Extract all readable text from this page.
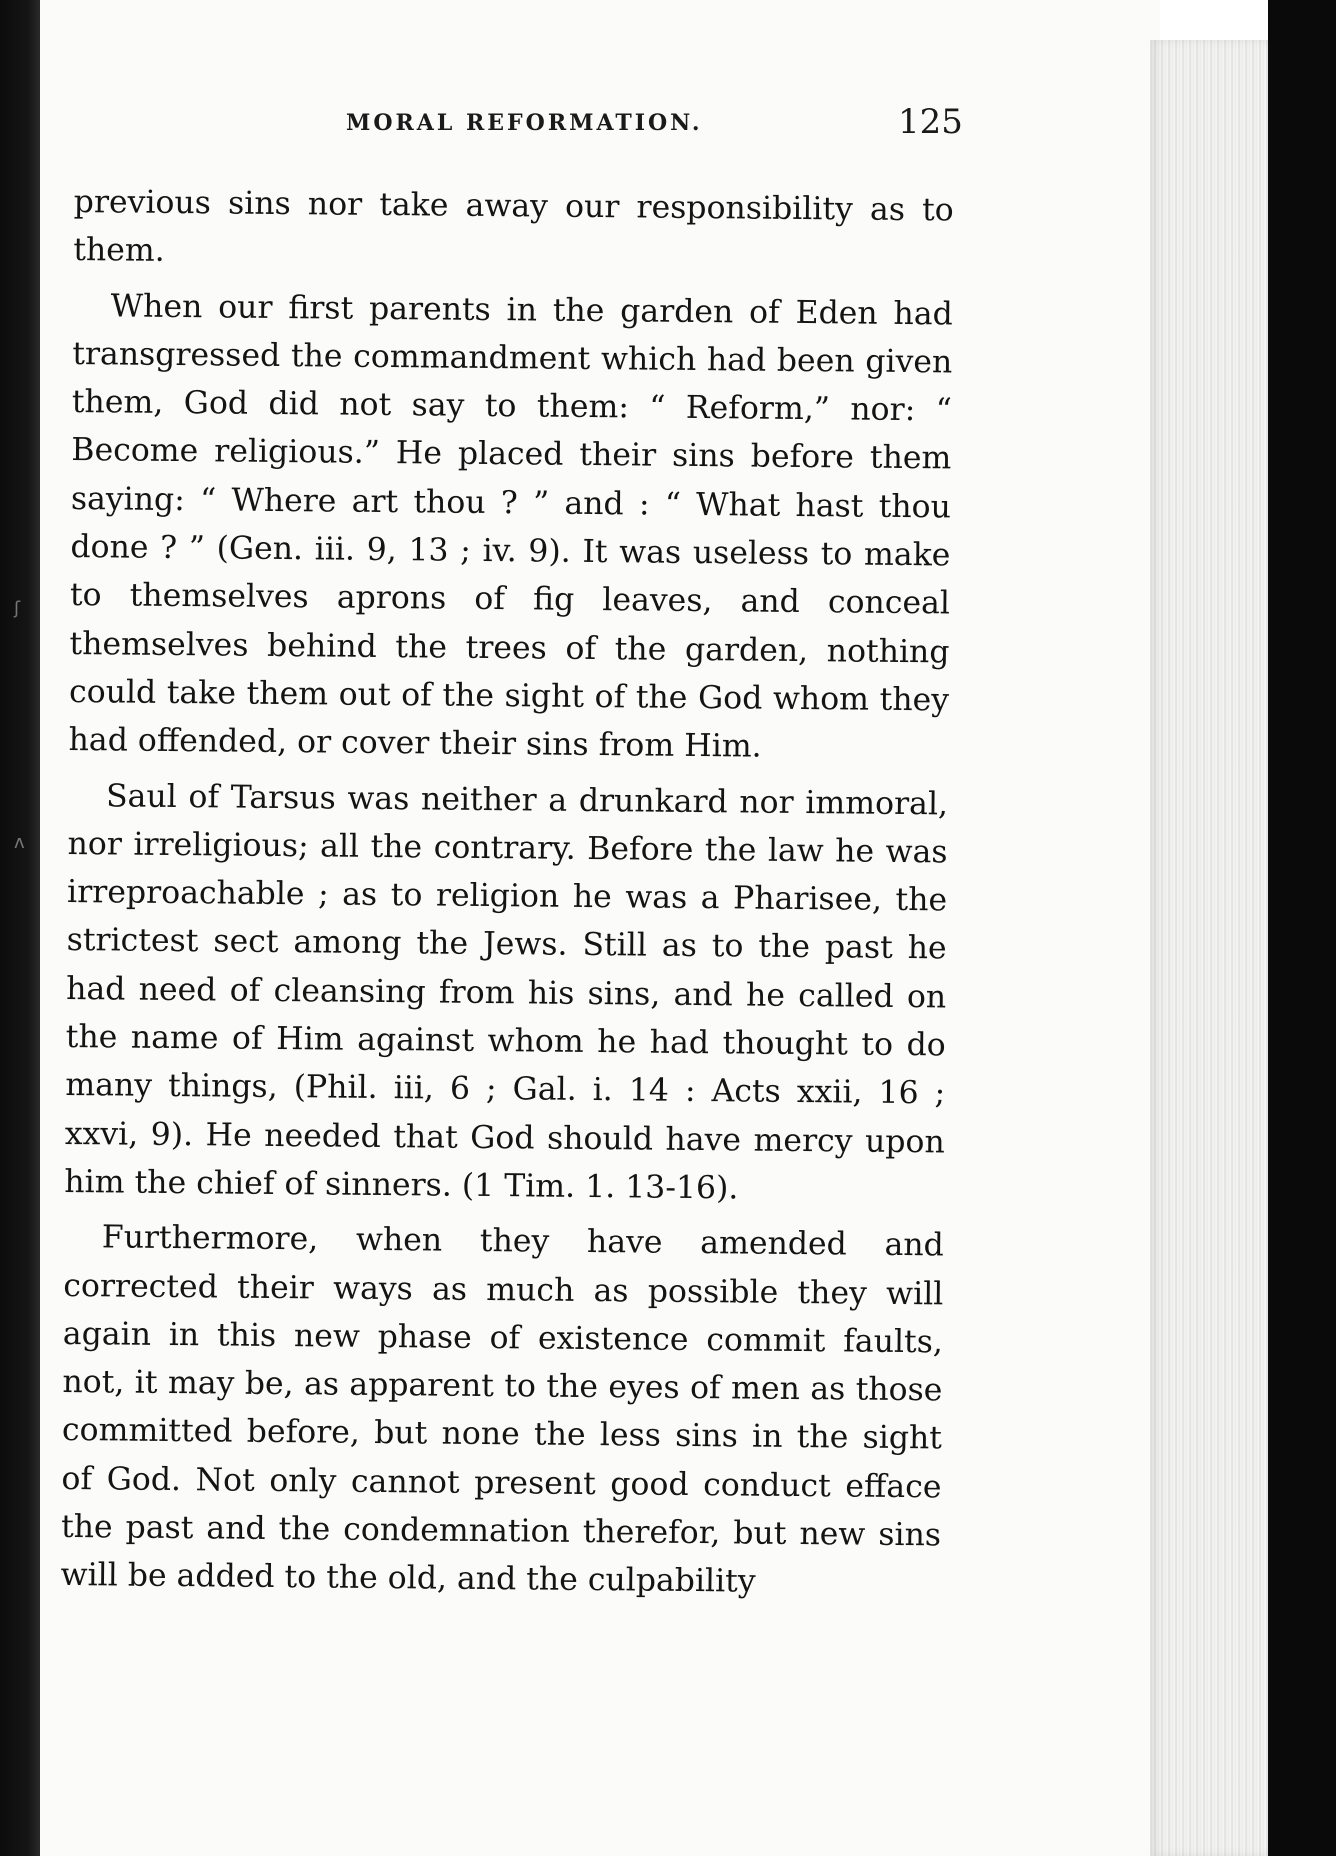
MORAL REFORMATION.	125

previous sins nor take away our responsibility as to them.

When our first parents in the garden of Eden had transgressed the commandment which had been given them, God did not say to them: “ Reform,” nor: “ Become religious.” He placed their sins before them saying: “ Where art thou ? ” and : “ What hast thou done ? ” (Gen. iii. 9, 13 ; iv. 9). It was useless to make to themselves aprons of fig leaves, and conceal themselves behind the trees of the garden, nothing could take them out of the sight of the God whom they had offended, or cover their sins from Him.

Saul of Tarsus was neither a drunkard nor immoral, nor irreligious; all the contrary. Before the law he was irreproachable ; as to religion he was a Pharisee, the strictest sect among the Jews. Still as to the past he had need of cleansing from his sins, and he called on the name of Him against whom he had thought to do many things, (Phil. iii, 6 ; Gal. i. 14 : Acts xxii, 16 ; xxvi, 9). He needed that God should have mercy upon him the chief of sinners. (1 Tim. 1. 13-16).

Furthermore, when they have amended and corrected their ways as much as possible they will again in this new phase of existence commit faults, not, it may be, as apparent to the eyes of men as those committed before, but none the less sins in the sight of God. Not only cannot present good conduct efface the past and the condemnation therefor, but new sins will be added to the old, and the culpability

ʃ
ʌ
